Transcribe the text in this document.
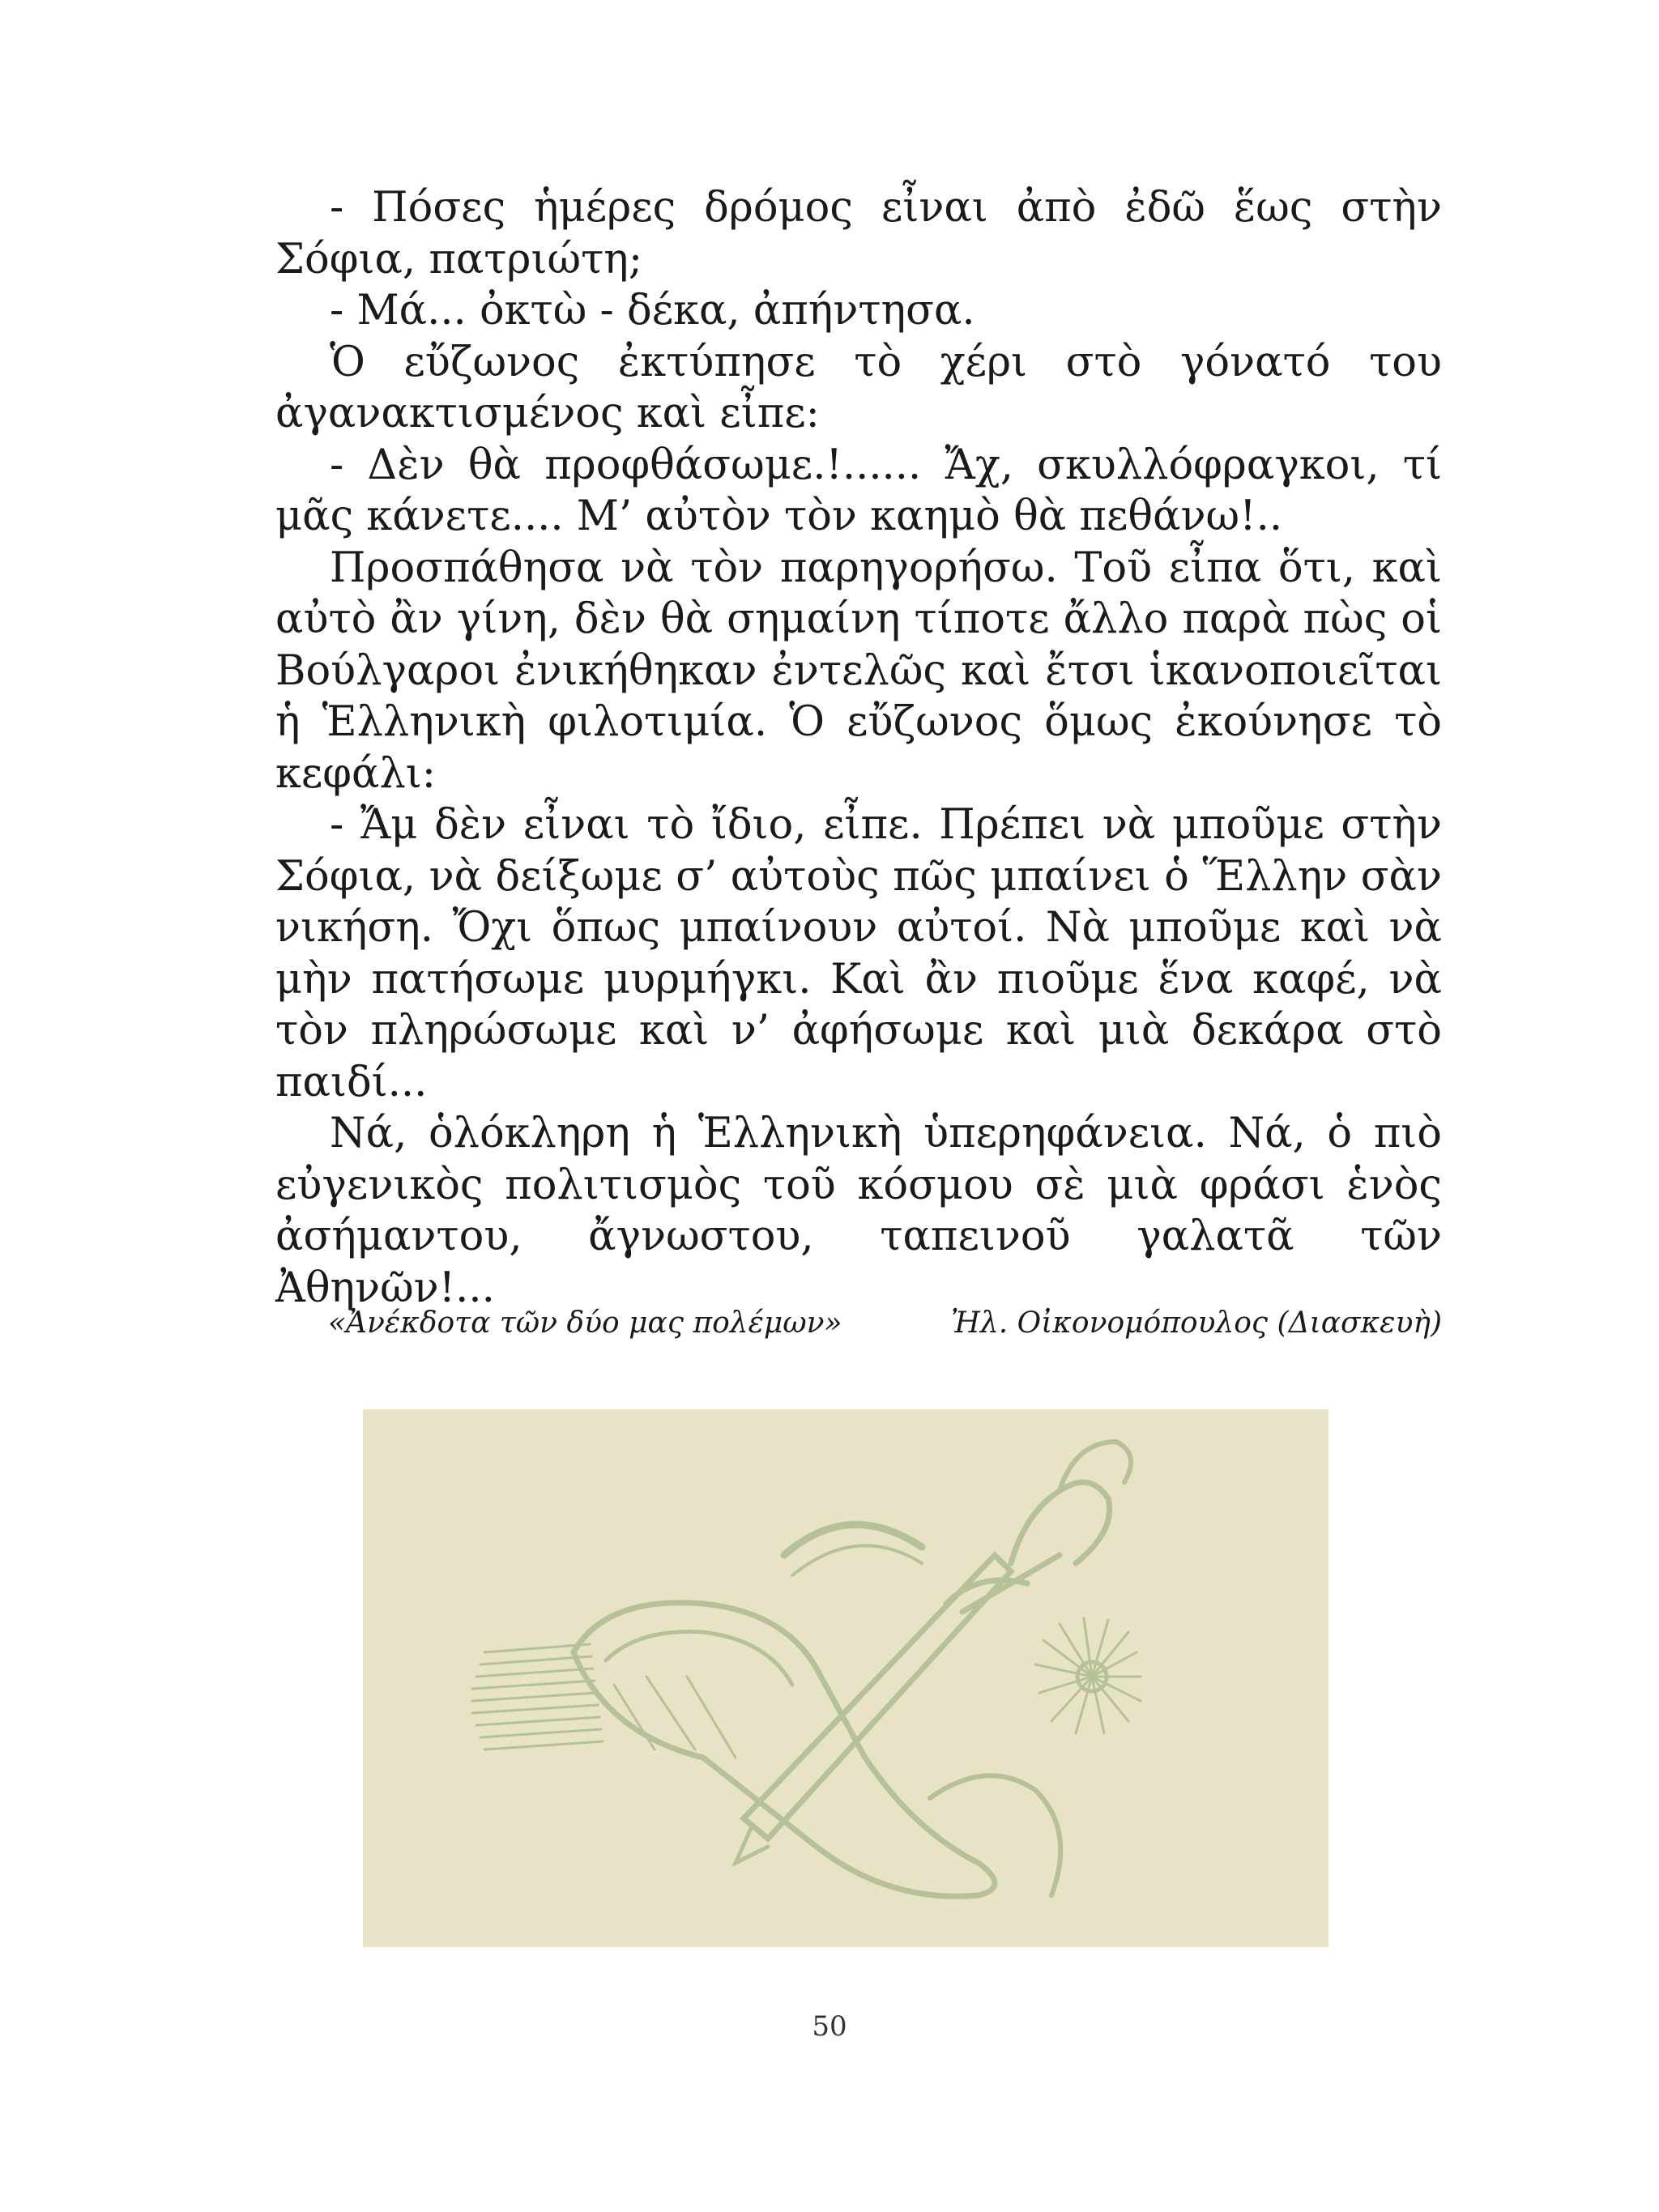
- Πόσες ἡμέρες δρόμος εἶναι ἀπὸ ἐδῶ ἕως στὴν Σόφια, πατριώτη;

- Μά... ὀκτὼ - δέκα, ἀπήντησα.

Ὁ εὔζωνος ἐκτύπησε τὸ χέρι στὸ γόνατό του ἀγανακτισμένος καὶ εἶπε:

- Δὲν θὰ προφθάσωμε.!...... Ἄχ, σκυλλόφραγκοι, τί μᾶς κάνετε.... Μ’ αὐτὸν τὸν καημὸ θὰ πεθάνω!..

Προσπάθησα νὰ τὸν παρηγορήσω. Τοῦ εἶπα ὅτι, καὶ αὐτὸ ἂν γίνη, δὲν θὰ σημαίνη τίποτε ἄλλο παρὰ πὼς οἱ Βούλγαροι ἐνικήθηκαν ἐντελῶς καὶ ἔτσι ἱκανοποιεῖται ἡ Ἑλληνικὴ φιλοτιμία. Ὁ εὔζωνος ὅμως ἐκούνησε τὸ κεφάλι:

- Ἄμ δὲν εἶναι τὸ ἴδιο, εἶπε. Πρέπει νὰ μποῦμε στὴν Σόφια, νὰ δείξωμε σ’ αὐτοὺς πῶς μπαίνει ὁ Ἕλλην σὰν νικήση. Ὄχι ὅπως μπαίνουν αὐτοί. Νὰ μποῦμε καὶ νὰ μὴν πατήσωμε μυρμήγκι. Καὶ ἂν πιοῦμε ἕνα καφέ, νὰ τὸν πληρώσωμε καὶ ν’ ἀφήσωμε καὶ μιὰ δεκάρα στὸ παιδί...

Νά, ὁλόκληρη ἡ Ἑλληνικὴ ὑπερηφάνεια. Νά, ὁ πιὸ εὐγενικὸς πολιτισμὸς τοῦ κόσμου σὲ μιὰ φράσι ἑνὸς ἀσήμαντου, ἄγνωστου, ταπεινοῦ γαλατᾶ τῶν Ἀθηνῶν!...

«Ἀνέκδοτα τῶν δύο μας πολέμων»	Ἠλ. Οἰκονομόπουλος (Διασκευὴ)
50
